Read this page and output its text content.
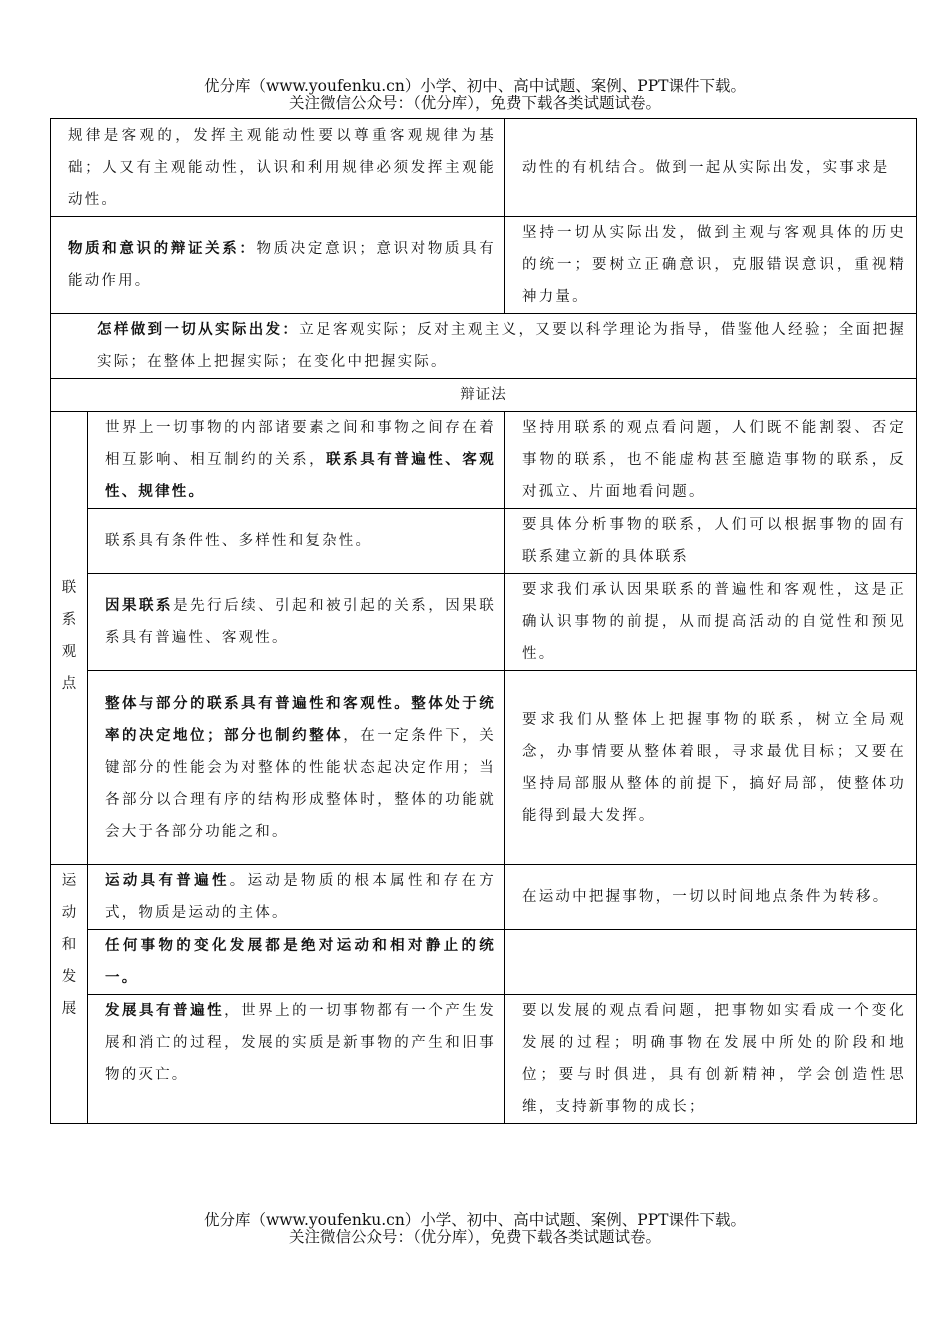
优分库（www.youfenku.cn）小学、初中、高中试题、案例、PPT课件下载。
关注微信公众号：（优分库），免费下载各类试题试卷。
规律是客观的，发挥主观能动性要以尊重客观规律为基础；人又有主观能动性，认识和利用规律必须发挥主观能动性。		动性的有机结合。做到一起从实际出发，实事求是
物质和意识的辩证关系：物质决定意识；意识对物质具有能动作用。		坚持一切从实际出发，做到主观与客观具体的历史的统一；要树立正确意识，克服错误意识，重视精神力量。
怎样做到一切从实际出发：立足客观实际；反对主观主义，又要以科学理论为指导，借鉴他人经验；全面把握实际；在整体上把握实际；在变化中把握实际。		
辩证法		

联
系
观
点	世界上一切事物的内部诸要素之间和事物之间存在着相互影响、相互制约的关系，联系具有普遍性、客观性、规律性。	坚持用联系的观点看问题，人们既不能割裂、否定事物的联系，也不能虚构甚至臆造事物的联系，反对孤立、片面地看问题。
	联系具有条件性、多样性和复杂性。	要具体分析事物的联系，人们可以根据事物的固有联系建立新的具体联系
	因果联系是先行后续、引起和被引起的关系，因果联系具有普遍性、客观性。	要求我们承认因果联系的普遍性和客观性，这是正确认识事物的前提，从而提高活动的自觉性和预见性。
	整体与部分的联系具有普遍性和客观性。整体处于统率的决定地位；部分也制约整体，在一定条件下，关键部分的性能会为对整体的性能状态起决定作用；当各部分以合理有序的结构形成整体时，整体的功能就会大于各部分功能之和。	要求我们从整体上把握事物的联系，树立全局观念，办事情要从整体着眼，寻求最优目标；又要在坚持局部服从整体的前提下，搞好局部，使整体功能得到最大发挥。

运
动
和
发
展	运动具有普遍性。运动是物质的根本属性和存在方式，物质是运动的主体。	在运动中把握事物，一切以时间地点条件为转移。
	任何事物的变化发展都是绝对运动和相对静止的统一。	
	发展具有普遍性，世界上的一切事物都有一个产生发展和消亡的过程，发展的实质是新事物的产生和旧事物的灭亡。	要以发展的观点看问题，把事物如实看成一个变化发展的过程；明确事物在发展中所处的阶段和地位；要与时俱进，具有创新精神，学会创造性思维，支持新事物的成长；
优分库（www.youfenku.cn）小学、初中、高中试题、案例、PPT课件下载。
关注微信公众号：（优分库），免费下载各类试题试卷。
